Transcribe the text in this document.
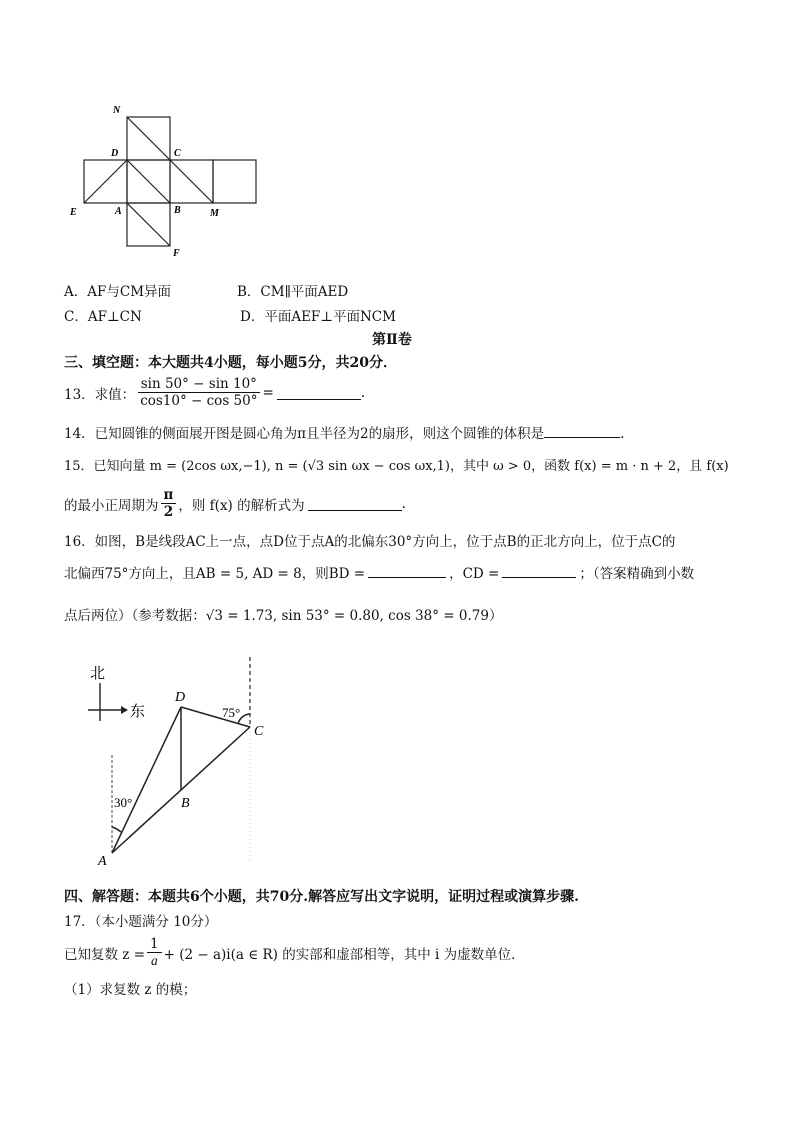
N
D	C
E	A	B	M
F
A．AF与CM异面	B．CM∥平面AED
C．AF⊥CN	D．平面AEF⊥平面NCM
第Ⅱ卷
三、填空题：本大题共4小题，每小题5分，共20分．
13．求值： $\frac{\sin 50^\circ - \sin 10^\circ}{\cos 10^\circ - \cos 50^\circ}$ =	.
14．已知圆锥的侧面展开图是圆心角为π且半径为2的扇形，则这个圆锥的体积是	.
15．已知向量 m = (2cos ωx,−1), n = (√3 sin ωx − cos ωx,1)，其中 ω > 0，函数 f(x) = m · n + 2，且 f(x)
的最小正周期为 $\frac{\pi}{2}$ ，则 f(x) 的解析式为	.
16．如图，B是线段AC上一点，点D位于点A的北偏东30°方向上，位于点B的正北方向上，位于点C的
北偏西75°方向上，且AB = 5, AD = 8，则BD =	，CD =	；（答案精确到小数
点后两位）（参考数据：√3 = 1.73, sin 53° = 0.80, cos 38° = 0.79）
北
东
30°
75°
A
B
C
D
四、解答题：本题共6个小题，共70分.解答应写出文字说明，证明过程或演算步骤.
17．（本小题满分 10分）
已知复数 $z = \frac{1}{a} + (2 - a)i(a$ ∈ R) 的实部和虚部相等，其中 i 为虚数单位．
（1）求复数 z 的模；
